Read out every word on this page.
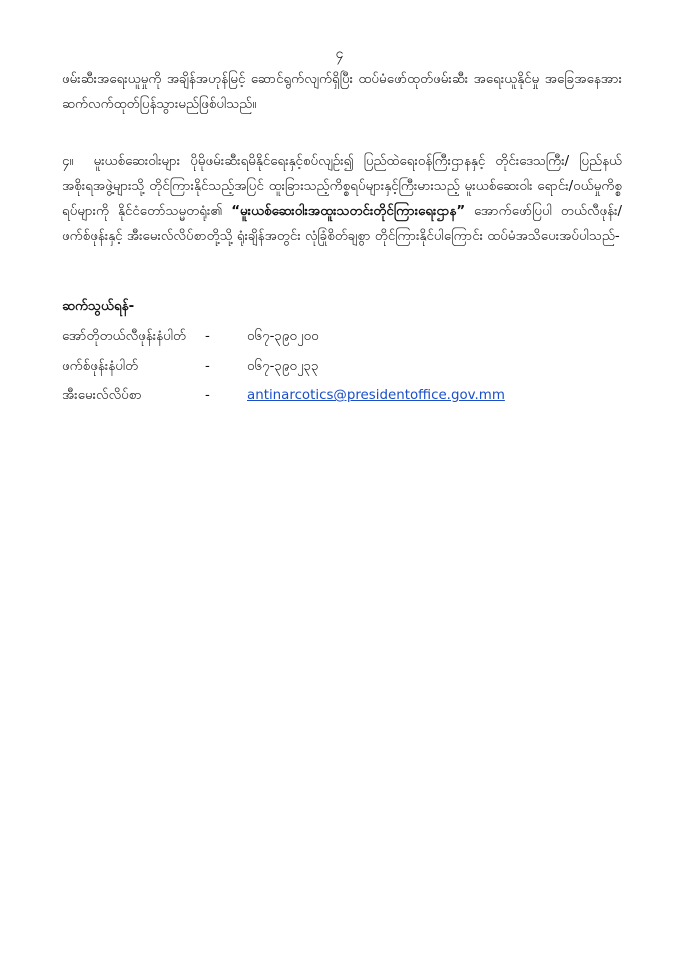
၄

ဖမ်းဆီးအရေးယူမှုကို အချိန်အဟုန်မြင့် ဆောင်ရွက်လျက်ရှိပြီး ထပ်မံဖော်ထုတ်ဖမ်းဆီး အရေးယူနိုင်မှု အခြေအနေအား ဆက်လက်ထုတ်ပြန်သွားမည်ဖြစ်ပါသည်။

၄။ မူးယစ်ဆေးဝါးများ ပိုမိုဖမ်းဆီးရမိနိုင်ရေးနှင့်စပ်လျဉ်း၍ ပြည်ထဲရေးဝန်ကြီးဌာနနှင့် တိုင်းဒေသကြီး/ ပြည်နယ်အစိုးရအဖွဲ့များသို့ တိုင်ကြားနိုင်သည့်အပြင် ထူးခြားသည့်ကိစ္စရပ်များနှင့်ကြီးမားသည့် မူးယစ်ဆေးဝါး ရောင်း/ဝယ်မှုကိစ္စရပ်များကို နိုင်ငံတော်သမ္မတရုံး၏ “မူးယစ်ဆေးဝါးအထူးသတင်းတိုင်ကြားရေးဌာန” အောက်ဖော်ပြပါ တယ်လီဖုန်း/ဖက်စ်ဖုန်းနှင့် အီးမေးလ်လိပ်စာတို့သို့ ရုံးချိန်အတွင်း လုံခြုံစိတ်ချစွာ တိုင်ကြားနိုင်ပါကြောင်း ထပ်မံအသိပေးအပ်ပါသည်-

ဆက်သွယ်ရန်-
အော်တိုတယ်လီဖုန်းနံပါတ် -	၀၆၇-၃၉၀၂၀၀
ဖက်စ်ဖုန်းနံပါတ်	-	၀၆၇-၃၉၀၂၃၃
အီးမေးလ်လိပ်စာ	-	antinarcotics@presidentoffice.gov.mm
